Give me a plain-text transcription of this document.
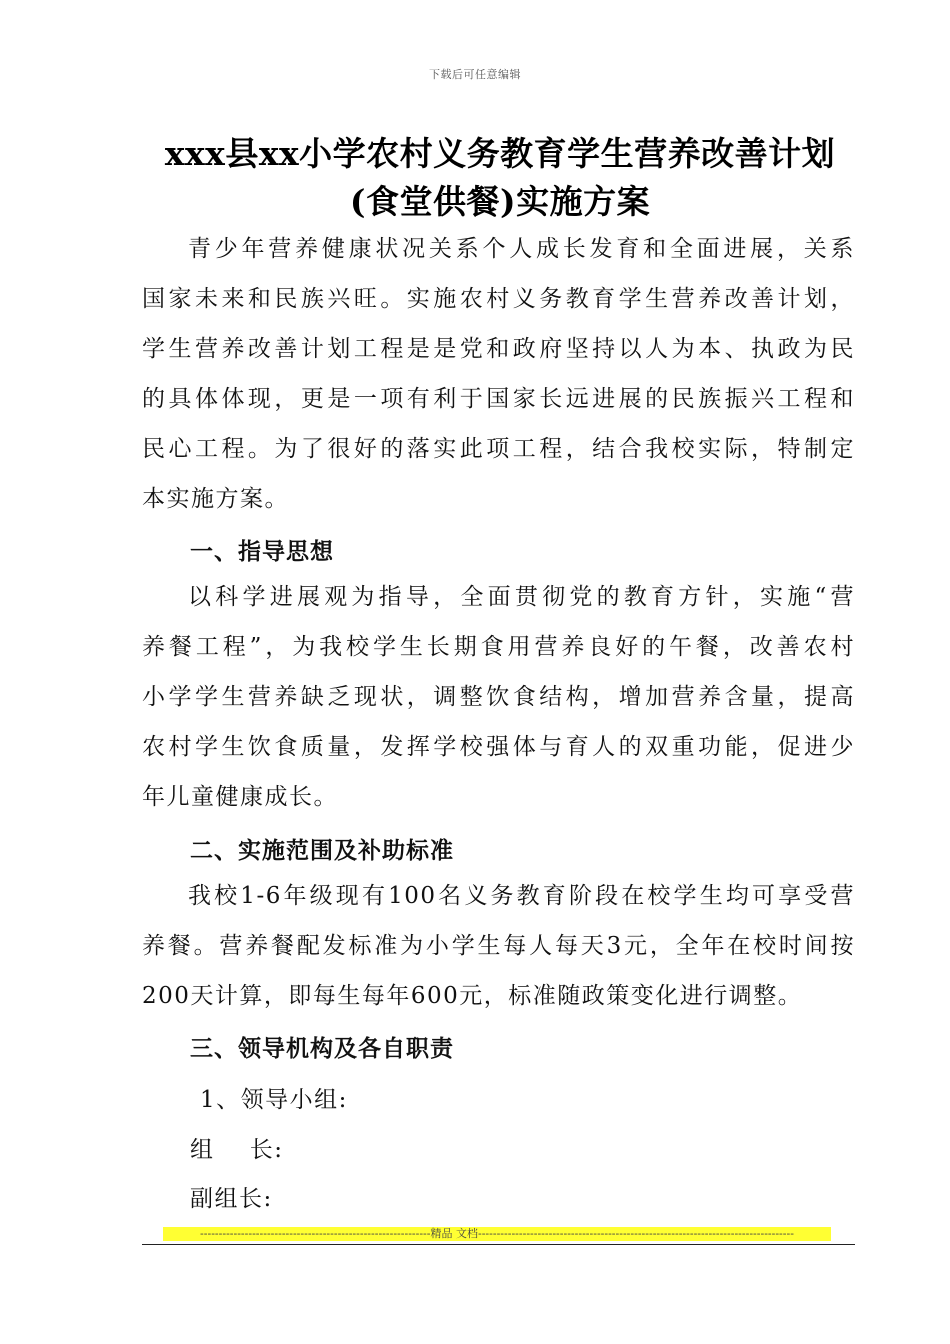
下载后可任意编辑
xxx县xx小学农村义务教育学生营养改善计划
(食堂供餐)实施方案
青少年营养健康状况关系个人成长发育和全面进展，关系
国家未来和民族兴旺。实施农村义务教育学生营养改善计划，
学生营养改善计划工程是是党和政府坚持以人为本、执政为民
的具体体现，更是一项有利于国家长远进展的民族振兴工程和
民心工程。为了很好的落实此项工程，结合我校实际，特制定
本实施方案。
一、指导思想
以科学进展观为指导，全面贯彻党的教育方针，实施“营
养餐工程”，为我校学生长期食用营养良好的午餐，改善农村
小学学生营养缺乏现状，调整饮食结构，增加营养含量，提高
农村学生饮食质量，发挥学校强体与育人的双重功能，促进少
年儿童健康成长。
二、实施范围及补助标准
我校1-6年级现有100名义务教育阶段在校学生均可享受营
养餐。营养餐配发标准为小学生每人每天3元，全年在校时间按
200天计算，即每生每年600元，标准随政策变化进行调整。
三、领导机构及各自职责
1、领导小组:
组    长:
副组长:
--------------------------------------------------------------精品 文档-------------------------------------------------------------------------------------
